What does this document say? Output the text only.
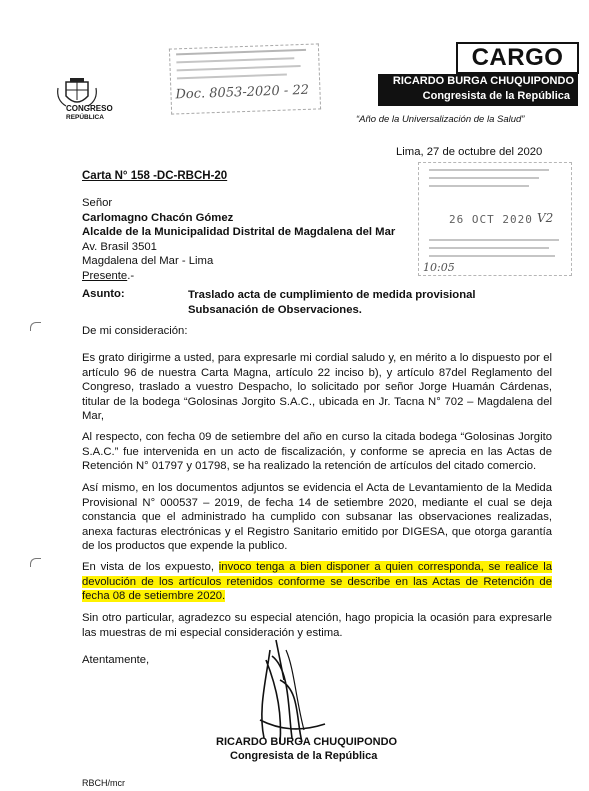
CONGRESO
REPÚBLICA
Doc. 8053-2020 - 22
CARGO
RICARDO BURGA CHUQUIPONDO
Congresista de la República
“Año de la Universalización de la Salud”
Lima, 27 de octubre del 2020
26 OCT 2020 V2
10:05
Carta N° 158 -DC-RBCH-20
Señor
Carlomagno Chacón Gómez
Alcalde de la Municipalidad Distrital de Magdalena del Mar
Av. Brasil 3501
Magdalena del Mar - Lima
Presente.-
Asunto:	Traslado acta de cumplimiento de medida provisional
Subsanación de Observaciones.
De mi consideración:

Es grato dirigirme a usted, para expresarle mi cordial saludo y, en mérito a lo dispuesto por el artículo 96 de nuestra Carta Magna, artículo 22 inciso b), y artículo 87del Reglamento del Congreso, traslado a vuestro Despacho, lo solicitado por señor Jorge Huamán Cárdenas, titular de la bodega “Golosinas Jorgito S.A.C., ubicada en Jr. Tacna N° 702 – Magdalena del Mar,

Al respecto, con fecha 09 de setiembre del año en curso la citada bodega “Golosinas Jorgito S.A.C.” fue intervenida en un acto de fiscalización, y conforme se aprecia en las Actas de Retención N° 01797 y 01798, se ha realizado la retención de artículos del citado comercio.

Así mismo, en los documentos adjuntos se evidencia el Acta de Levantamiento de la Medida Provisional N° 000537 – 2019, de fecha 14 de setiembre 2020, mediante el cual se deja constancia que el administrado ha cumplido con subsanar las observaciones realizadas, anexa facturas electrónicas y el Registro Sanitario emitido por DIGESA, que otorga garantía de los productos que expende la publico.

En vista de los expuesto, invoco tenga a bien disponer a quien corresponda, se realice la devolución de los artículos retenidos conforme se describe en las Actas de Retención de fecha 08 de setiembre 2020.

Sin otro particular, agradezco su especial atención, hago propicia la ocasión para expresarle las muestras de mi especial consideración y estima.

Atentamente,
RICARDO BURGA CHUQUIPONDO
Congresista de la República
RBCH/mcr
